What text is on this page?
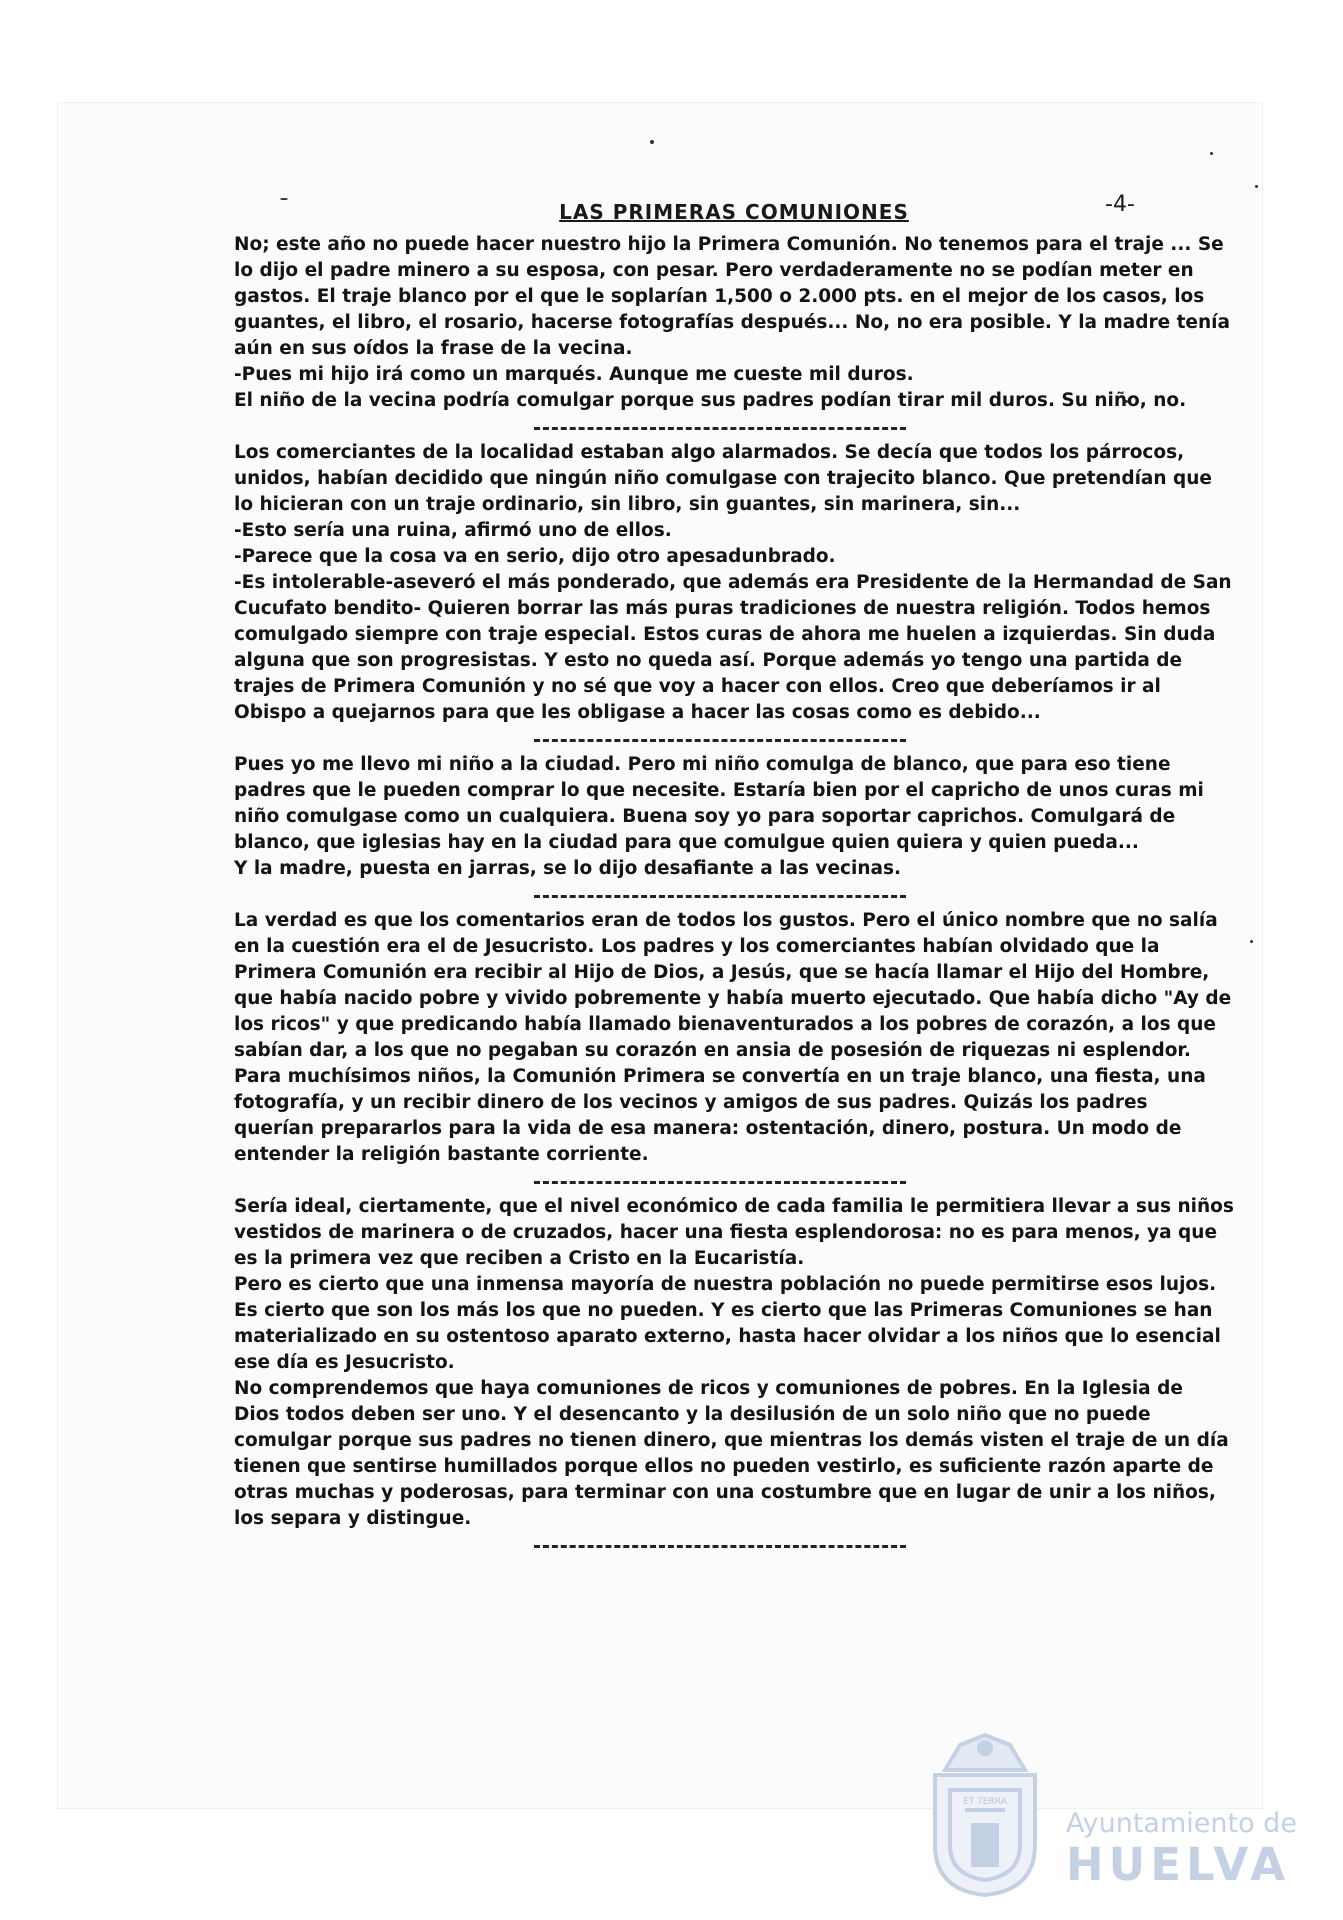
LAS PRIMERAS COMUNIONES	-4-

No; este año no puede hacer nuestro hijo la Primera Comunión. No tenemos para el traje ... Se lo dijo el padre minero a su esposa, con pesar. Pero verdaderamente no se podían meter en gastos. El traje blanco por el que le soplarían 1,500 o 2.000 pts. en el mejor de los casos, los guantes, el libro, el rosario, hacerse fotografías después... No, no era posible. Y la madre tenía aún en sus oídos la frase de la vecina.

-Pues mi hijo irá como un marqués. Aunque me cueste mil duros.

El niño de la vecina podría comulgar porque sus padres podían tirar mil duros. Su niño, no.

Los comerciantes de la localidad estaban algo alarmados. Se decía que todos los párrocos, unidos, habían decidido que ningún niño comulgase con trajecito blanco. Que pretendían que lo hicieran con un traje ordinario, sin libro, sin guantes, sin marinera, sin...

-Esto sería una ruina, afirmó uno de ellos.

-Parece que la cosa va en serio, dijo otro apesadunbrado.

-Es intolerable-aseveró el más ponderado, que además era Presidente de la Hermandad de San Cucufato bendito- Quieren borrar las más puras tradiciones de nuestra religión. Todos hemos comulgado siempre con traje especial. Estos curas de ahora me huelen a izquierdas. Sin duda alguna que son progresistas. Y esto no queda así. Porque además yo tengo una partida de trajes de Primera Comunión y no sé que voy a hacer con ellos. Creo que deberíamos ir al Obispo a quejarnos para que les obligase a hacer las cosas como es debido...

Pues yo me llevo mi niño a la ciudad. Pero mi niño comulga de blanco, que para eso tiene padres que le pueden comprar lo que necesite. Estaría bien por el capricho de unos curas mi niño comulgase como un cualquiera. Buena soy yo para soportar caprichos. Comulgará de blanco, que iglesias hay en la ciudad para que comulgue quien quiera y quien pueda...

Y la madre, puesta en jarras, se lo dijo desafiante a las vecinas.

La verdad es que los comentarios eran de todos los gustos. Pero el único nombre que no salía en la cuestión era el de Jesucristo. Los padres y los comerciantes habían olvidado que la Primera Comunión era recibir al Hijo de Dios, a Jesús, que se hacía llamar el Hijo del Hombre, que había nacido pobre y vivido pobremente y había muerto ejecutado. Que había dicho "Ay de los ricos" y que predicando había llamado bienaventurados a los pobres de corazón, a los que sabían dar, a los que no pegaban su corazón en ansia de posesión de riquezas ni esplendor.

Para muchísimos niños, la Comunión Primera se convertía en un traje blanco, una fiesta, una fotografía, y un recibir dinero de los vecinos y amigos de sus padres. Quizás los padres querían prepararlos para la vida de esa manera: ostentación, dinero, postura. Un modo de entender la religión bastante corriente.

Sería ideal, ciertamente, que el nivel económico de cada familia le permitiera llevar a sus niños vestidos de marinera o de cruzados, hacer una fiesta esplendorosa: no es para menos, ya que es la primera vez que reciben a Cristo en la Eucaristía.

Pero es cierto que una inmensa mayoría de nuestra población no puede permitirse esos lujos. Es cierto que son los más los que no pueden. Y es cierto que las Primeras Comuniones se han materializado en su ostentoso aparato externo, hasta hacer olvidar a los niños que lo esencial ese día es Jesucristo.

No comprendemos que haya comuniones de ricos y comuniones de pobres. En la Iglesia de Dios todos deben ser uno. Y el desencanto y la desilusión de un solo niño que no puede comulgar porque sus padres no tienen dinero, que mientras los demás visten el traje de un día tienen que sentirse humillados porque ellos no pueden vestirlo, es suficiente razón aparte de otras muchas y poderosas, para terminar con una costumbre que en lugar de unir a los niños, los separa y distingue.

ET TERRA
Ayuntamiento de
HUELVA
